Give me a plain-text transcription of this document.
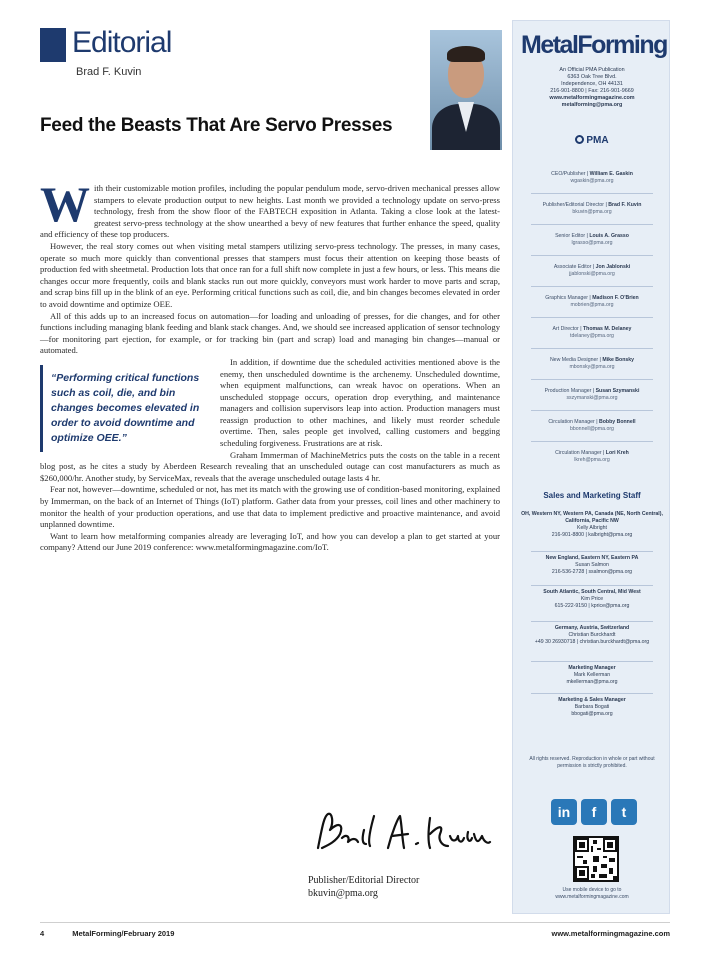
Editorial
Brad F. Kuvin
Feed the Beasts That Are Servo Presses

With their customizable motion profiles, including the popular pendulum mode, servo-driven mechanical presses allow stampers to elevate production output to new heights. Last month we provided a technology update on servo-press technology, fresh from the show floor of the FABTECH exposition in Atlanta. Taking a close look at the latest-greatest servo-press technology at the show unearthed a bevy of new features that further enhance the speed, quality and efficiency of these top producers.

However, the real story comes out when visiting metal stampers utilizing servo-press technology. The presses, in many cases, operate so much more quickly than conventional presses that stampers must focus their attention on keeping those beasts of production fed with sheetmetal. Production lots that once ran for a full shift now complete in just a few hours, or less. This means die changes occur more frequently, coils and blank stacks run out more quickly, conveyors must work harder to move parts and scrap, and scrap bins fill up in the blink of an eye. Performing critical functions such as coil, die, and bin changes becomes elevated in order to avoid downtime and optimize OEE.

All of this adds up to an increased focus on automation—for loading and unloading of presses, for die changes, and for other functions including managing blank feeding and blank stack changes. And, we should see increased application of sensor technology—for monitoring part ejection, for example, or for tracking bin (part and scrap) load and managing bin changes—manual or automated.

“Performing critical functions such as coil, die, and bin changes becomes elevated in order to avoid downtime and optimize OEE.”

In addition, if downtime due the scheduled activities mentioned above is the enemy, then unscheduled downtime is the archenemy. Unscheduled downtime, when equipment malfunctions, can wreak havoc on operations. When an unscheduled stoppage occurs, operation drop everything, and maintenance managers and collision supervisors leap into action. Production managers must reassign production to other machines, and likely must reorder schedule overtime. Then, sales people get involved, calling customers and begging scheduling forgiveness. Frustrations are at risk.

Graham Immerman of MachineMetrics puts the costs on the table in a recent blog post, as he cites a study by Aberdeen Research revealing that an unscheduled outage can cost manufacturers as much as $260,000/hr. Another study, by ServiceMax, reveals that the average unscheduled outage lasts 4 hr.

Fear not, however—downtime, scheduled or not, has met its match with the growing use of condition-based monitoring, explained by Immerman, on the back of an Internet of Things (IoT) platform. Gather data from your presses, coil lines and other machinery to monitor the health of your production operations, and use that data to implement predictive and proactive maintenance, and avoid unplanned downtime.

Want to learn how metalforming companies already are leveraging IoT, and how you can develop a plan to get started at your company? Attend our June 2019 conference: www.metalformingmagazine.com/IoT.

Publisher/Editorial Director
bkuvin@pma.org
4	MetalForming/February 2019	www.metalformingmagazine.com
MetalForming
An Official PMA Publication
6363 Oak Tree Blvd.
Independence, OH 44131
216-901-8800 | Fax: 216-901-9669
www.metalformingmagazine.com
metalforming@pma.org
PMA
CEO/Publisher | William E. Gaskin
wgaskin@pma.org
Publisher/Editorial Director | Brad F. Kuvin
bkuvin@pma.org
Senior Editor | Louis A. Grasso
lgrasso@pma.org
Associate Editor | Jon Jablonski
jjablonski@pma.org
Graphics Manager | Madison F. O'Brien
mobrien@pma.org
Art Director | Thomas M. Delaney
tdelaney@pma.org
New Media Designer | Mike Bonsky
mbonsky@pma.org
Production Manager | Susan Szymanski
sszymanski@pma.org
Circulation Manager | Bobby Bonnell
bbonnell@pma.org
Circulation Manager | Lori Kreh
lkreh@pma.org
Sales and Marketing Staff
OH, Western NY, Western PA, Canada (NE, North Central), California, Pacific NW
Kelly Albright
216-901-8800 | kalbright@pma.org
New England, Eastern NY, Eastern PA
Susan Salmon
216-536-2728 | ssalmon@pma.org
South Atlantic, South Central, Mid West
Kim Price
615-222-9150 | kprice@pma.org
Germany, Austria, Switzerland
Christian Burckhardt
+49 30 26930718 | christian.burckhardt@pma.org
Marketing Manager
Mark Kellerman
mkellerman@pma.org
Marketing & Sales Manager
Barbara Bogati
bbogati@pma.org
All rights reserved. Reproduction in whole or part without permission is strictly prohibited.
in	f	t
Use mobile device to go to
www.metalformingmagazine.com
